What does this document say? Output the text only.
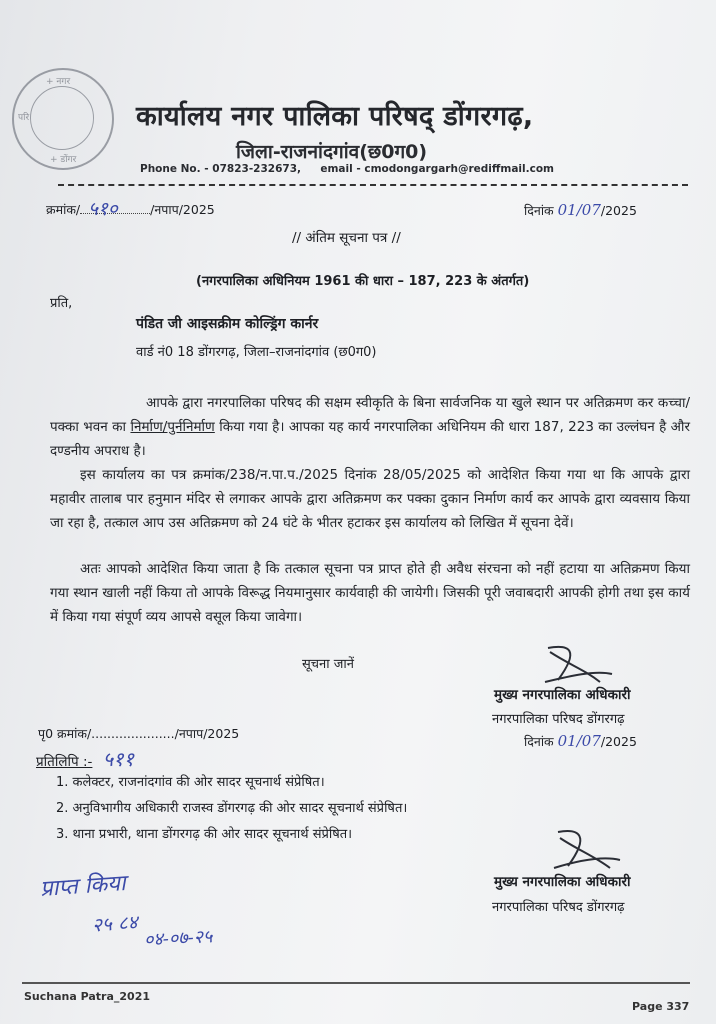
+ नगर
परि
+ डोंगर
कार्यालय नगर पालिका परिषद् डोंगरगढ़,
जिला-राजनांदगांव(छ0ग0)
Phone No. - 07823-232673, email - cmodongargarh@rediffmail.com
क्रमांक/ ५१०	/नपाप/2025	दिनांक 01/07/2025
// अंतिम सूचना पत्र //
(नगरपालिका अधिनियम 1961 की धारा – 187, 223 के अंतर्गत)
प्रति,
पंडित जी आइसक्रीम कोल्ड्रिंग कार्नर
वार्ड नं0 18 डोंगरगढ़, जिला–राजनांदगांव (छ0ग0)
आपके द्वारा नगरपालिका परिषद की सक्षम स्वीकृति के बिना सार्वजनिक या खुले स्थान पर अतिक्रमण कर कच्चा/पक्का भवन का निर्माण/पुर्ननिर्माण किया गया है। आपका यह कार्य नगरपालिका अधिनियम की धारा 187, 223 का उल्लंघन है और दण्डनीय अपराध है।
इस कार्यालय का पत्र क्रमांक/238/न.पा.प./2025 दिनांक 28/05/2025 को आदेशित किया गया था कि आपके द्वारा महावीर तालाब पार हनुमान मंदिर से लगाकर आपके द्वारा अतिक्रमण कर पक्का दुकान निर्माण कार्य कर आपके द्वारा व्यवसाय किया जा रहा है, तत्काल आप उस अतिक्रमण को 24 घंटे के भीतर हटाकर इस कार्यालय को लिखित में सूचना देवें।
अतः आपको आदेशित किया जाता है कि तत्काल सूचना पत्र प्राप्त होते ही अवैध संरचना को नहीं हटाया या अतिक्रमण किया गया स्थान खाली नहीं किया तो आपके विरूद्ध नियमानुसार कार्यवाही की जायेगी। जिसकी पूरी जवाबदारी आपकी होगी तथा इस कार्य में किया गया संपूर्ण व्यय आपसे वसूल किया जावेगा।
सूचना जानें
मुख्य नगरपालिका अधिकारी
नगरपालिका परिषद डोंगरगढ़
पृ0 क्रमांक/...................../नपाप/2025
दिनांक 01/07/2025
प्रतिलिपि :- ५११
1. कलेक्टर, राजनांदगांव की ओर सादर सूचनार्थ संप्रेषित।
2. अनुविभागीय अधिकारी राजस्व डोंगरगढ़ की ओर सादर सूचनार्थ संप्रेषित।
3. थाना प्रभारी, थाना डोंगरगढ़ की ओर सादर सूचनार्थ संप्रेषित।
मुख्य नगरपालिका अधिकारी
नगरपालिका परिषद डोंगरगढ़
प्राप्त किया
२५ ८४
०४-०७-२५
Suchana Patra_2021
Page 337
